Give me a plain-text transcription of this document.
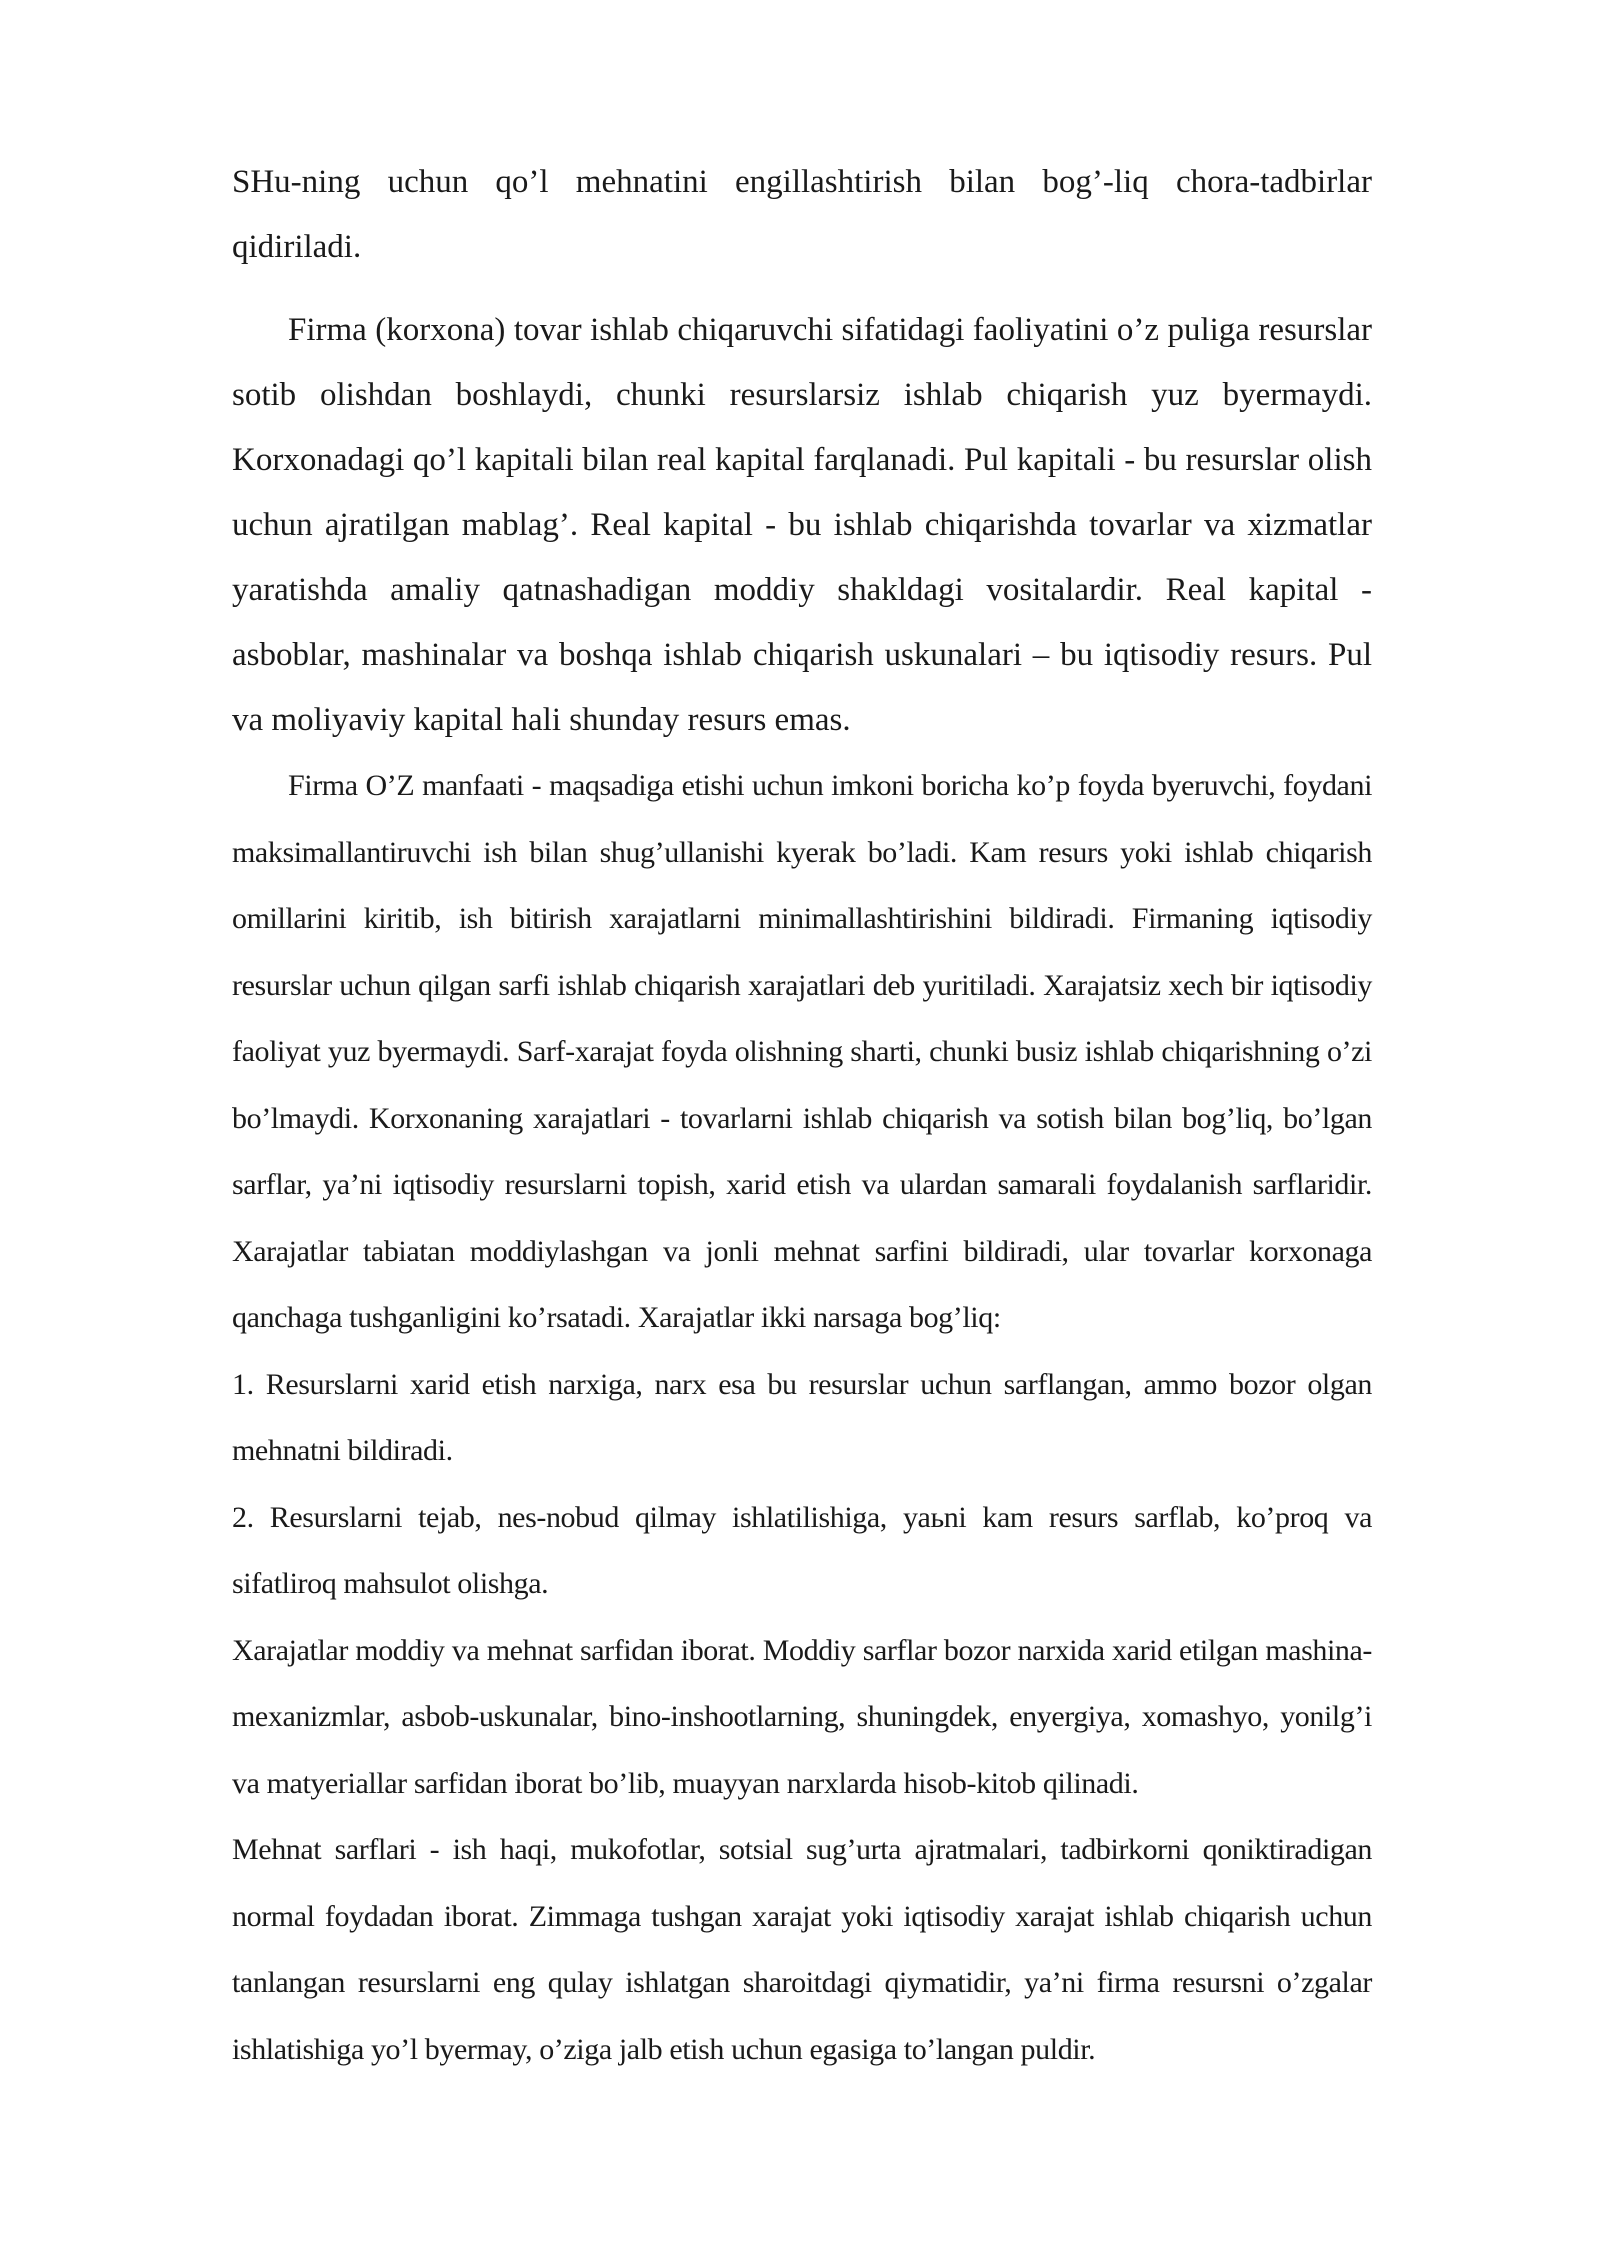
SHu-ning uchun qo’l mehnatini engillashtirish bilan bog’-liq chora-tadbirlar qidiriladi.

Firma (korxona) tovar ishlab chiqaruvchi sifatidagi faoliyatini o’z puliga resurslar sotib olishdan boshlaydi, chunki resurslarsiz ishlab chiqarish yuz byermaydi. Korxonadagi qo’l kapitali bilan real kapital farqlanadi. Pul kapitali - bu resurslar olish uchun ajratilgan mablag’. Real kapital - bu ishlab chiqarishda tovarlar va xizmatlar yaratishda amaliy qatnashadigan moddiy shakldagi vositalardir. Real kapital - asboblar, mashinalar va boshqa ishlab chiqarish uskunalari – bu iqtisodiy resurs. Pul va moliyaviy kapital hali shunday resurs emas.

Firma O’Z manfaati - maqsadiga etishi uchun imkoni boricha ko’p foyda byeruvchi, foydani maksimallantiruvchi ish bilan shug’ullanishi kyerak bo’ladi. Kam resurs yoki ishlab chiqarish omillarini kiritib, ish bitirish xarajatlarni minimallashtirishini bildiradi. Firmaning iqtisodiy resurslar uchun qilgan sarfi ishlab chiqarish xarajatlari deb yuritiladi. Xarajatsiz xech bir iqtisodiy faoliyat yuz byermaydi. Sarf-xarajat foyda olishning sharti, chunki busiz ishlab chiqarishning o’zi bo’lmaydi. Korxonaning xarajatlari - tovarlarni ishlab chiqarish va sotish bilan bog’liq, bo’lgan sarflar, ya’ni iqtisodiy resurslarni topish, xarid etish va ulardan samarali foydalanish sarflaridir. Xarajatlar tabiatan moddiylashgan va jonli mehnat sarfini bildiradi, ular tovarlar korxonaga qanchaga tushganligini ko’rsatadi. Xarajatlar ikki narsaga bog’liq:

1. Resurslarni xarid etish narxiga, narx esa bu resurslar uchun sarflangan, ammo bozor olgan mehnatni bildiradi.

2. Resurslarni tejab, nes-nobud qilmay ishlatilishiga, yaьni kam resurs sarflab, ko’proq va sifatliroq mahsulot olishga.

Xarajatlar moddiy va mehnat sarfidan iborat. Moddiy sarflar bozor narxida xarid etilgan mashina-mexanizmlar, asbob-uskunalar, bino-inshootlarning, shuningdek, enyergiya, xomashyo, yonilg’i va matyeriallar sarfidan iborat bo’lib, muayyan narxlarda hisob-kitob qilinadi.

Mehnat sarflari - ish haqi, mukofotlar, sotsial sug’urta ajratmalari, tadbirkorni qoniktiradigan normal foydadan iborat. Zimmaga tushgan xarajat yoki iqtisodiy xarajat ishlab chiqarish uchun tanlangan resurslarni eng qulay ishlatgan sharoitdagi qiymatidir, ya’ni firma resursni o’zgalar ishlatishiga yo’l byermay, o’ziga jalb etish uchun egasiga to’langan puldir.
